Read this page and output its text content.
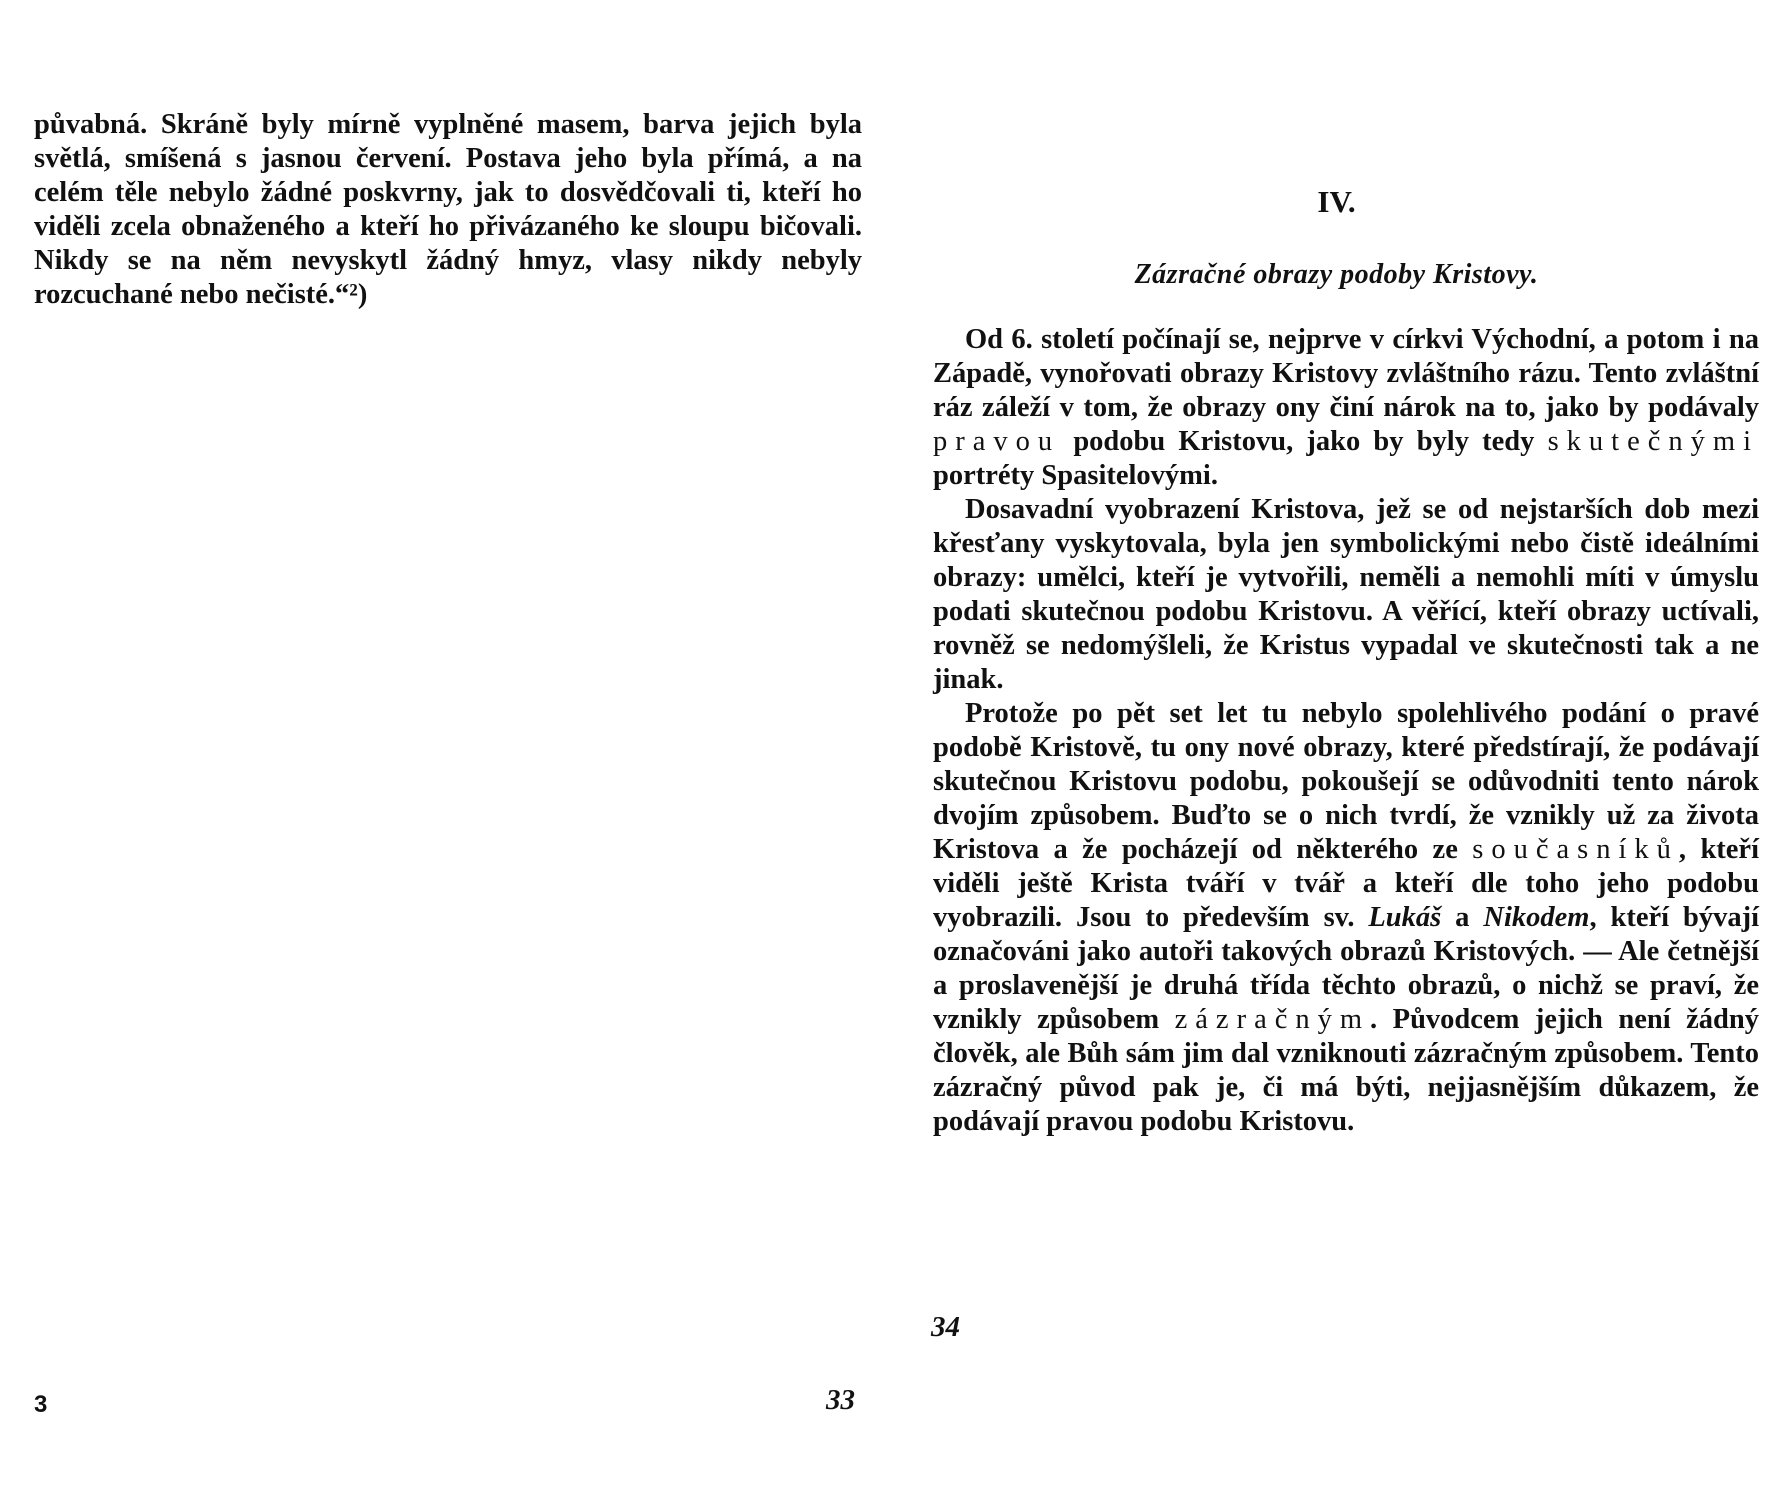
půvabná. Skráně byly mírně vyplněné masem, barva jejich byla světlá, smíšená s jasnou červení. Postava jeho byla přímá, a na celém těle nebylo žádné poskvrny, jak to dosvědčovali ti, kteří ho viděli zcela obnaženého a kteří ho přivázaného ke sloupu bičovali. Nikdy se na něm nevyskytl žádný hmyz, vlasy nikdy nebyly rozcuchané nebo nečisté.“²)

3	33

IV.
Zázračné obrazy podoby Kristovy.

Od 6. století počínají se, nejprve v církvi Východní, a potom i na Západě, vynořovati obrazy Kristovy zvláštního rázu. Tento zvláštní ráz záleží v tom, že obrazy ony činí nárok na to, jako by podávaly pravou podobu Kristovu, jako by byly tedy skutečnými portréty Spasitelovými.

Dosavadní vyobrazení Kristova, jež se od nejstarších dob mezi křesťany vyskytovala, byla jen symbolickými nebo čistě ideálními obrazy: umělci, kteří je vytvořili, neměli a nemohli míti v úmyslu podati skutečnou podobu Kristovu. A věřící, kteří obrazy uctívali, rovněž se nedomýšleli, že Kristus vypadal ve skutečnosti tak a ne jinak.

Protože po pět set let tu nebylo spolehlivého podání o pravé podobě Kristově, tu ony nové obrazy, které předstírají, že podávají skutečnou Kristovu podobu, pokoušejí se odůvodniti tento nárok dvojím způsobem. Buďto se o nich tvrdí, že vznikly už za života Kristova a že pocházejí od některého ze současníků, kteří viděli ještě Krista tváří v tvář a kteří dle toho jeho podobu vyobrazili. Jsou to především sv. Lukáš a Nikodem, kteří bývají označováni jako autoři takových obrazů Kristových. — Ale četnější a proslavenější je druhá třída těchto obrazů, o nichž se praví, že vznikly způsobem zázračným. Původcem jejich není žádný člověk, ale Bůh sám jim dal vzniknouti zázračným způsobem. Tento zázračný původ pak je, či má býti, nejjasnějším důkazem, že podávají pravou podobu Kristovu.

34
